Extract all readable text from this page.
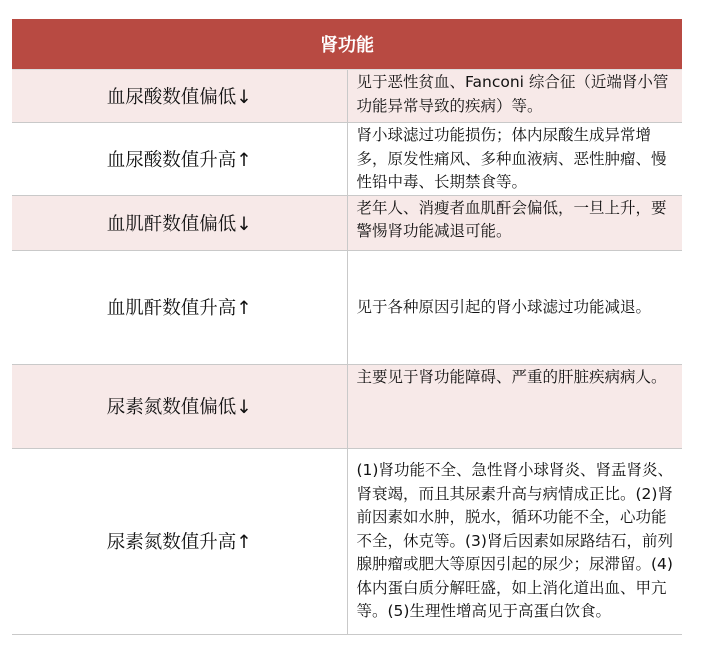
肾功能	
血尿酸数值偏低↓	见于恶性贫血、Fanconi 综合征（近端肾小管功能异常导致的疾病）等。

血尿酸数值升高↑	肾小球滤过功能损伤；体内尿酸生成异常增多，原发性痛风、多种血液病、恶性肿瘤、慢性铅中毒、长期禁食等。

血肌酐数值偏低↓	老年人、消瘦者血肌酐会偏低，一旦上升，要警惕肾功能减退可能。

血肌酐数值升高↑	见于各种原因引起的肾小球滤过功能减退。

尿素氮数值偏低↓	主要见于肾功能障碍、严重的肝脏疾病病人。

尿素氮数值升高↑	(1)肾功能不全、急性肾小球肾炎、肾盂肾炎、肾衰竭，而且其尿素升高与病情成正比。(2)肾前因素如水肿，脱水，循环功能不全，心功能不全，休克等。(3)肾后因素如尿路结石，前列腺肿瘤或肥大等原因引起的尿少；尿滞留。(4)体内蛋白质分解旺盛，如上消化道出血、甲亢等。(5)生理性增高见于高蛋白饮食。
